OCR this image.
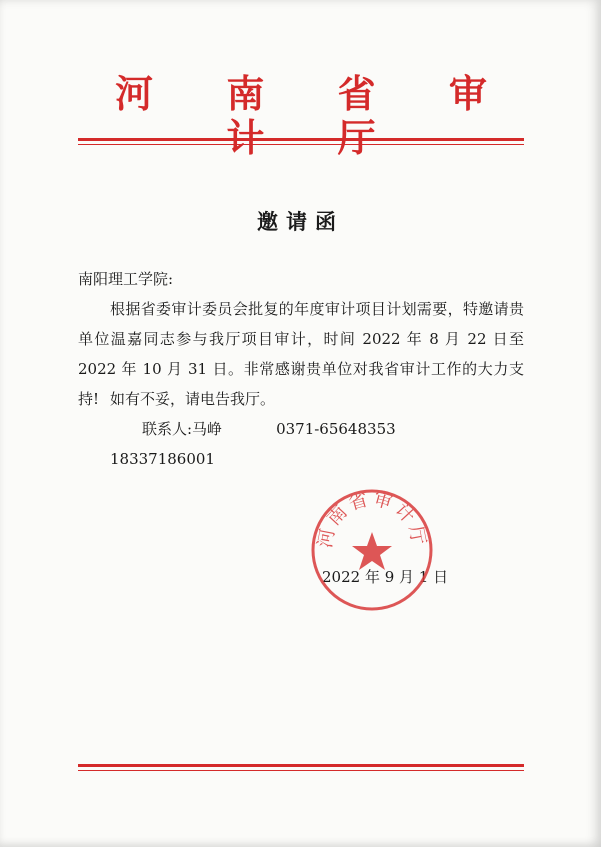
河 南 省 审
邀请函
南阳理工学院:
根据省委审计委员会批复的年度审计项目计划需要，特邀请贵单位温嘉同志参与我厅项目审计，时间 2022 年 8 月 22 日至 2022 年 10 月 31 日。非常感谢贵单位对我省审计工作的大力支持! 如有不妥，请电告我厅。
联系人:马峥	0371-6564835318337186001
2022 年 9 月 1 日
河南省审计厅
